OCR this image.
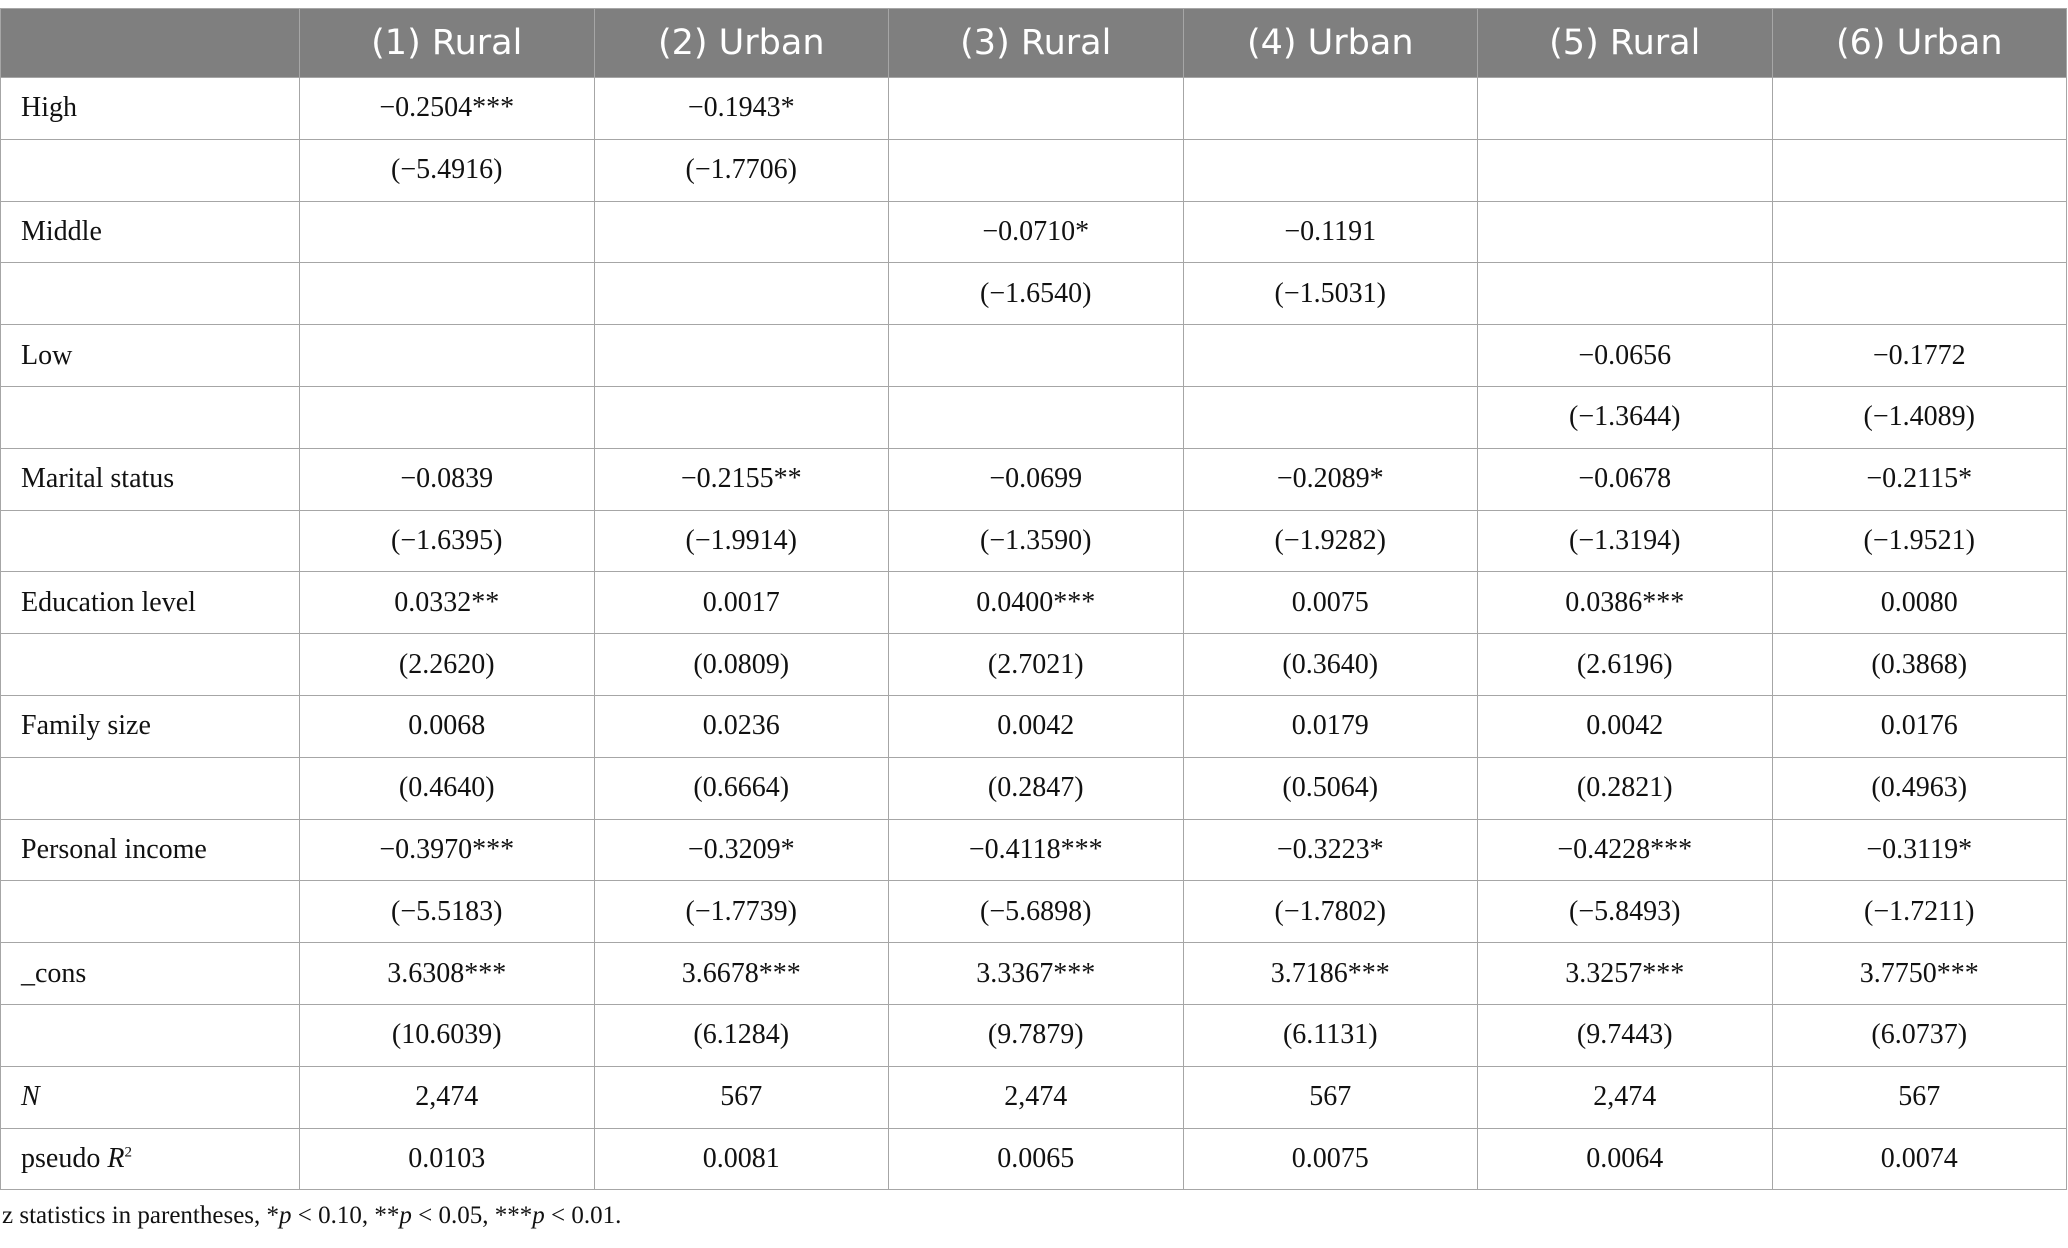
	(1) Rural	(2) Urban	(3) Rural	(4) Urban	(5) Rural	(6) Urban
High	−0.2504***	−0.1943*				
	(−5.4916)	(−1.7706)				
Middle			−0.0710*	−0.1191		
			(−1.6540)	(−1.5031)		
Low					−0.0656	−0.1772
					(−1.3644)	(−1.4089)
Marital status	−0.0839	−0.2155**	−0.0699	−0.2089*	−0.0678	−0.2115*
	(−1.6395)	(−1.9914)	(−1.3590)	(−1.9282)	(−1.3194)	(−1.9521)
Education level	0.0332**	0.0017	0.0400***	0.0075	0.0386***	0.0080
	(2.2620)	(0.0809)	(2.7021)	(0.3640)	(2.6196)	(0.3868)
Family size	0.0068	0.0236	0.0042	0.0179	0.0042	0.0176
	(0.4640)	(0.6664)	(0.2847)	(0.5064)	(0.2821)	(0.4963)
Personal income	−0.3970***	−0.3209*	−0.4118***	−0.3223*	−0.4228***	−0.3119*
	(−5.5183)	(−1.7739)	(−5.6898)	(−1.7802)	(−5.8493)	(−1.7211)
_cons	3.6308***	3.6678***	3.3367***	3.7186***	3.3257***	3.7750***
	(10.6039)	(6.1284)	(9.7879)	(6.1131)	(9.7443)	(6.0737)
N	2,474	567	2,474	567	2,474	567
pseudo $R^2$	0.0103	0.0081	0.0065	0.0075	0.0064	0.0074
z statistics in parentheses, *p < 0.10, **p < 0.05, ***p < 0.01.
